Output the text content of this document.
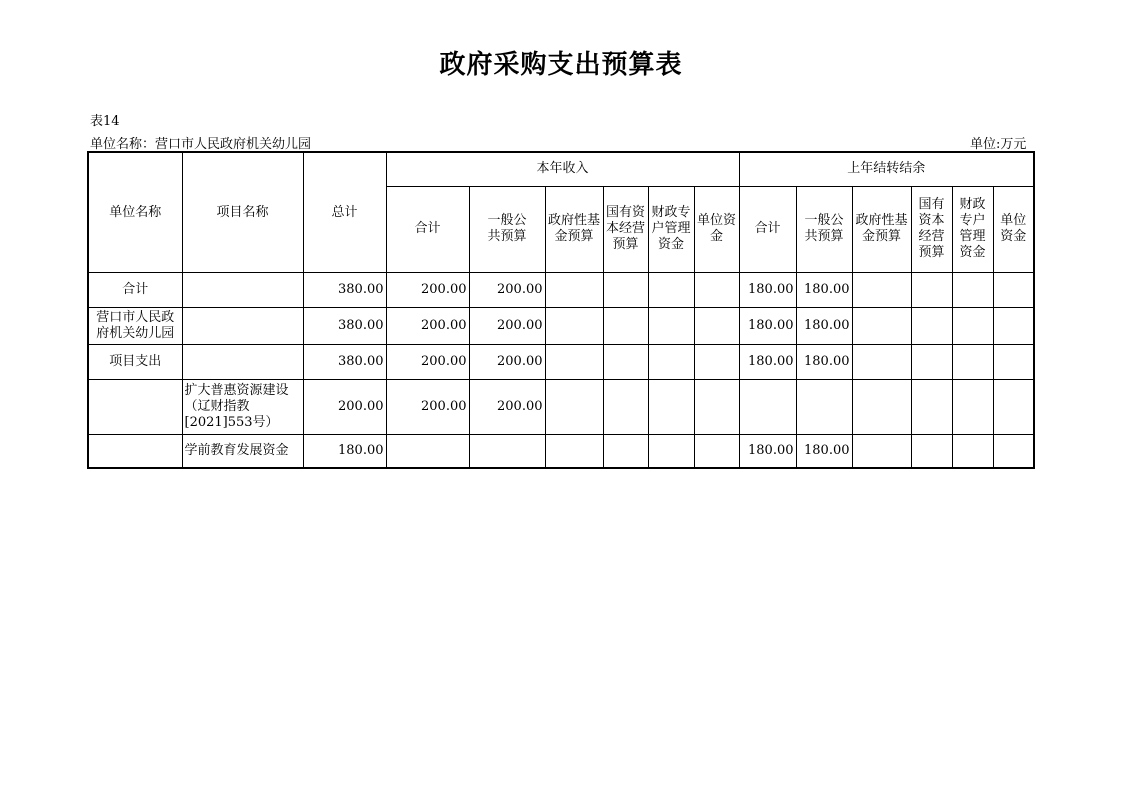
政府采购支出预算表
表14
单位名称：营口市人民政府机关幼儿园	单位:万元
单位名称	项目名称	总计	本年收入						上年结转结余					
			合计	一般公共预算	政府性基金预算	国有资本经营预算	财政专户管理资金	单位资金	合计	一般公共预算	政府性基金预算	国有资本经营预算	财政专户管理资金	单位资金
合计		380.00	200.00	200.00					180.00	180.00				
营口市人民政府机关幼儿园		380.00	200.00	200.00					180.00	180.00				
项目支出		380.00	200.00	200.00					180.00	180.00				
	扩大普惠资源建设（辽财指教[2021]553号）	200.00	200.00	200.00										
	学前教育发展资金	180.00							180.00	180.00				
